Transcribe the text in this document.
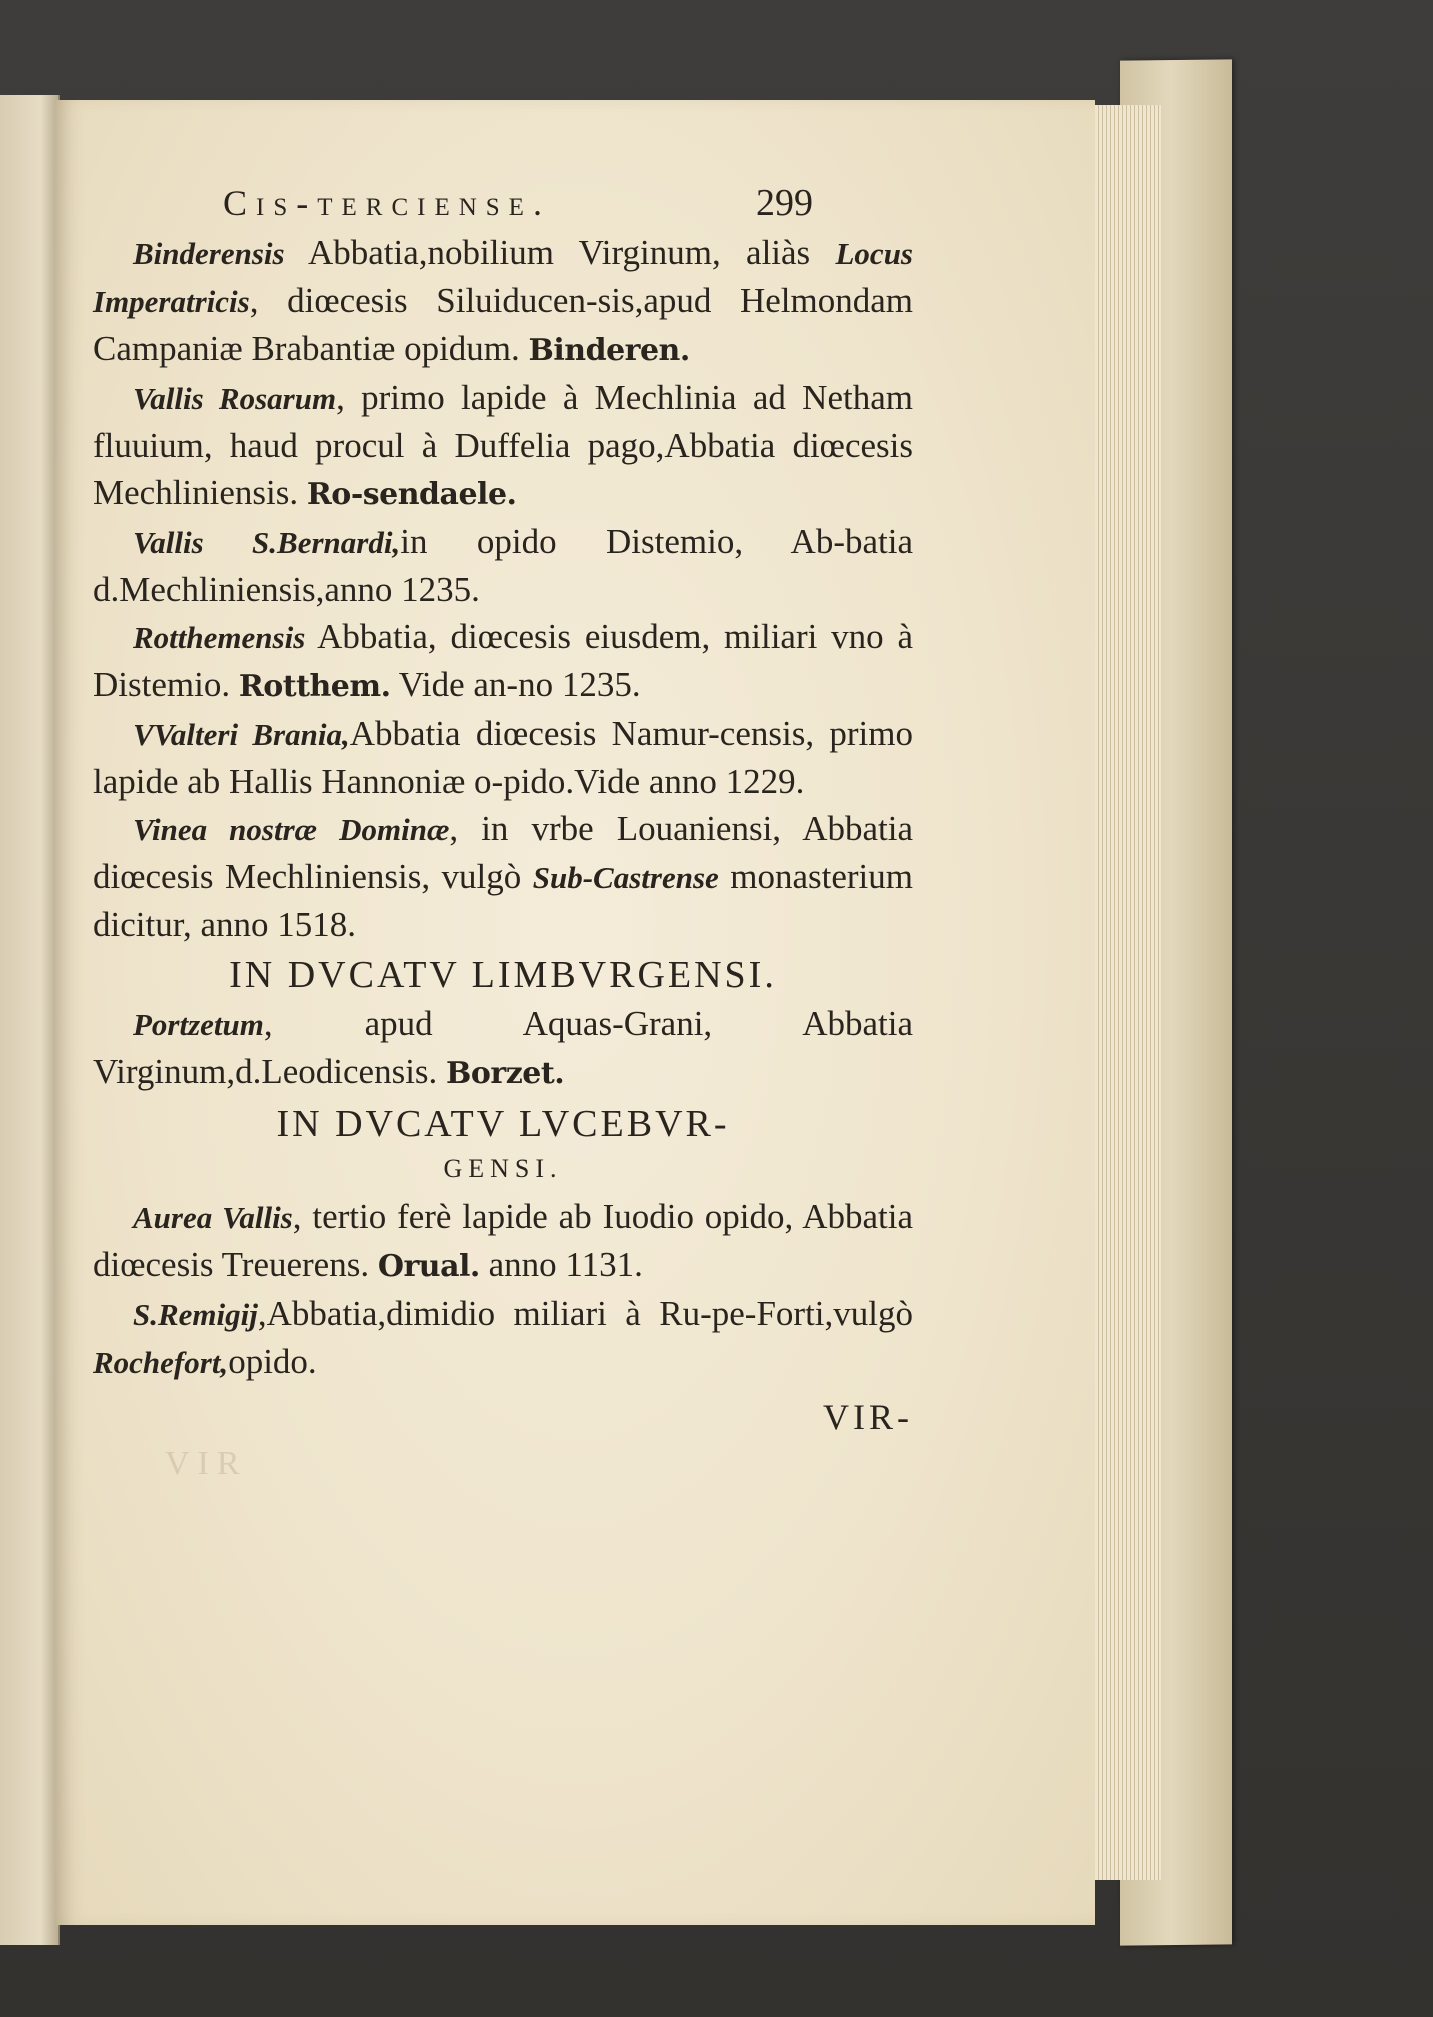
VIR
Cis-terciense.	299

Binderensis Abbatia,nobilium Virginum, aliàs Locus Imperatricis, diœcesis Siluiducen-sis,apud Helmondam Campaniæ Brabantiæ opidum. Binderen.

Vallis Rosarum, primo lapide à Mechlinia ad Netham fluuium, haud procul à Duffelia pago,Abbatia diœcesis Mechliniensis. Ro-sendaele.

Vallis S.Bernardi,in opido Distemio, Ab-batia d.Mechliniensis,anno 1235.

Rotthemensis Abbatia, diœcesis eiusdem, miliari vno à Distemio. Rotthem. Vide an-no 1235.

VValteri Brania,Abbatia diœcesis Namur-censis, primo lapide ab Hallis Hannoniæ o-pido.Vide anno 1229.

Vinea nostræ Dominæ, in vrbe Louaniensi, Abbatia diœcesis Mechliniensis, vulgò Sub-Castrense monasterium dicitur, anno 1518.

IN DVCATV LIMBVRGENSI.

Portzetum, apud Aquas-Grani, Abbatia Virginum,d.Leodicensis. Borzet.

IN DVCATV LVCEBVR-
GENSI.

Aurea Vallis, tertio ferè lapide ab Iuodio opido, Abbatia diœcesis Treuerens. Orual. anno 1131.

S.Remigij,Abbatia,dimidio miliari à Ru-pe-Forti,vulgò Rochefort,opido.

VIR-
